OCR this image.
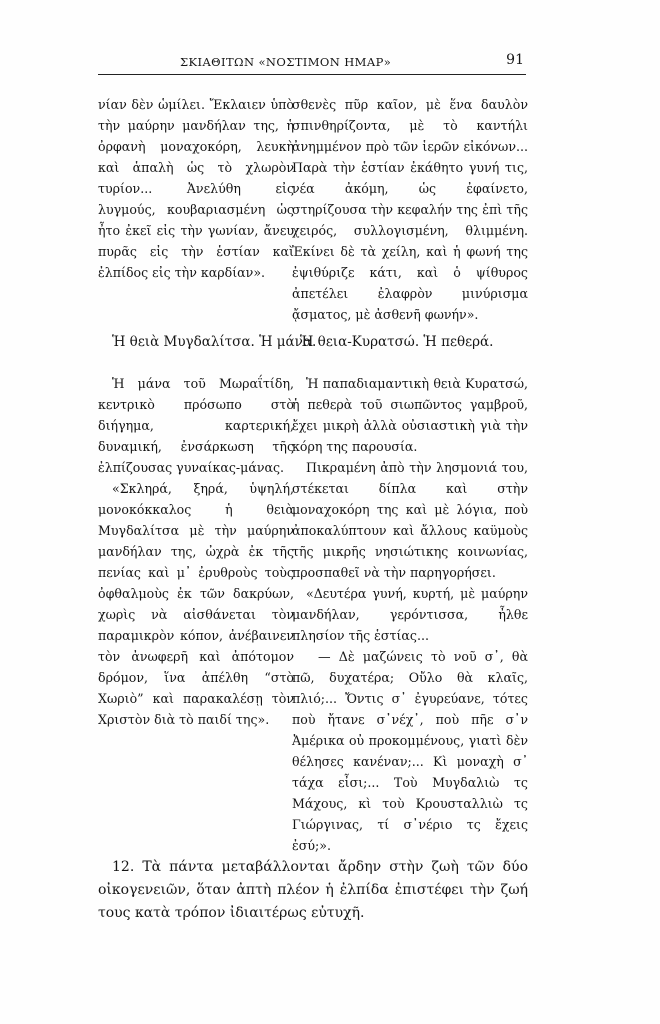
ΣΚΙΑΘΙΤΩΝ «ΝΟΣΤΙΜΟΝ ΗΜΑΡ»	91

νίαν δὲν ὡμίλει. Ἔκλαιεν ὑπὸ τὴν μαύρην μανδήλαν της, ἡ ὀρφανὴ μοναχοκόρη, λευκὴ καὶ ἁπαλὴ ὡς τὸ χλωρὸν τυρίον... Ἀνελύθη εἰς λυγμούς, κουβαριασμένη ὡς ἦτο ἐκεῖ εἰς τὴν γωνίαν, ἄνευ πυρᾶς εἰς τὴν ἑστίαν καὶ ἐλπίδος εἰς τὴν καρδίαν».

σθενὲς πῦρ καῖον, μὲ ἕνα δαυλὸν σπινθηρίζοντα, μὲ τὸ καντήλι ἀνημμένον πρὸ τῶν ἱερῶν εἰκόνων... Παρὰ τὴν ἑστίαν ἐκάθητο γυνή τις, νέα ἀκόμη, ὡς ἐφαίνετο, στηρίζουσα τὴν κεφαλήν της ἐπὶ τῆς χειρός, συλλογισμένη, θλιμμένη. Ἐκίνει δὲ τὰ χείλη, καὶ ἡ φωνή της ἐψιθύριζε κάτι, καὶ ὁ ψίθυρος ἀπετέλει ἐλαφρὸν μινύρισμα ᾄσματος, μὲ ἀσθενῆ φωνήν».

Ἡ θειὰ Μυγδαλίτσα. Ἡ μάνα.
Ἡ θεια-Κυρατσώ. Ἡ πεθερά.

Ἡ μάνα τοῦ Μωραΐτίδη, κεντρικὸ πρόσωπο στὸ διήγημα, καρτερική, δυναμική, ἐνσάρκωση τῆς ἐλπίζουσας γυναίκας-μάνας.

«Σκληρά, ξηρά, ὑψηλή, μονοκόκκαλος ἡ θειὰ Μυγδαλίτσα μὲ τὴν μαύρην μανδήλαν της, ὠχρὰ ἐκ τῆς πενίας καὶ μ᾿ ἐρυθροὺς τοὺς ὀφθαλμοὺς ἐκ τῶν δακρύων, χωρὶς νὰ αἰσθάνεται τὸν παραμικρὸν κόπον, ἀνέβαινεν τὸν ἀνωφερῆ καὶ ἀπότομον δρόμον, ἵνα ἀπέλθη “στὸ Χωριὸ” καὶ παρακαλέσῃ τὸν Χριστὸν διὰ τὸ παιδί της».

Ἡ παπαδιαμαντικὴ θειὰ Κυρατσώ, ἡ πεθερὰ τοῦ σιωπῶντος γαμβροῦ, ἔχει μικρὴ ἀλλὰ οὐσιαστικὴ γιὰ τὴν κόρη της παρουσία.

Πικραμένη ἀπὸ τὴν λησμονιά του, στέκεται δίπλα καὶ στὴν μοναχοκόρη της καὶ μὲ λόγια, ποὺ ἀποκαλύπτουν καὶ ἄλλους καϋμοὺς τῆς μικρῆς νησιώτικης κοινωνίας, προσπαθεῖ νὰ τὴν παρηγορήσει.

«Δευτέρα γυνή, κυρτή, μὲ μαύρην μανδήλαν, γερόντισσα, ἦλθε πλησίον τῆς ἑστίας...

— Δὲ μαζώνεις τὸ νοῦ σ᾿, θὰ πῶ, δυχατέρα; Οὔλο θὰ κλαῖς, πλιό;... Ὄντις σ᾿ ἐγυρεύανε, τότες ποὺ ἤτανε σ᾿νέχ᾿, ποὺ πῆε σ᾿ν Ἀμέρικα οὐ προκομμένους, γιατὶ δὲν θέλησες κανέναν;... Κὶ μοναχὴ σ᾿ τάχα εἶσι;... Τοὺ Μυγδαλιὼ τς Μάχους, κὶ τοὺ Κρουσταλλιὼ τς Γιώργινας, τί σ᾿νέριο τς ἔχεις ἐσύ;».

12. Τὰ πάντα μεταβάλλονται ἄρδην στὴν ζωὴ τῶν δύο οἰκογενειῶν, ὅταν ἀπτὴ πλέον ἡ ἐλπίδα ἐπιστέφει τὴν ζωή τους κατὰ τρόπον ἰδιαιτέρως εὐτυχῆ.
